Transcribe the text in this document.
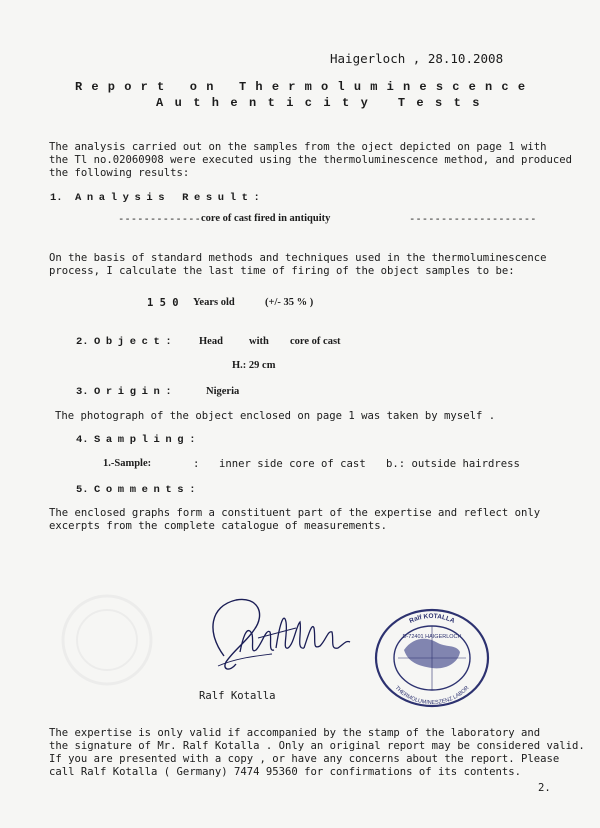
Haigerloch , 28.10.2008
Report on Thermoluminescence
Authenticity Tests
The analysis carried out on the samples from the oject depicted on page 1 with
the Tl no.02060908 were executed using the thermoluminescence method, and produced
the following results:
1. Analysis Result:
------------- core of cast fired in antiquity	--------------------
On the basis of standard methods and techniques used in the thermoluminescence
process, I calculate the last time of firing of the object samples to be:
1 5 0 Years old	(+/- 35 % )
2. Object: Head with core of cast
H.: 29 cm
3. Origin:	Nigeria
The photograph of the object enclosed on page 1 was taken by myself .
4. Sampling:
1.-Sample:	: inner side core of cast b.: outside hairdress
5. Comments:
The enclosed graphs form a constituent part of the expertise and reflect only
excerpts from the complete catalogue of measurements.
Ralf Kotalla
Ralf KOTALLA
D-72401 HAIGERLOCH
THERMOLUMINESZENZ LABOR
The expertise is only valid if accompanied by the stamp of the laboratory and
the signature of Mr. Ralf Kotalla . Only an original report may be considered valid.
If you are presented with a copy , or have any concerns about the report. Please
call Ralf Kotalla ( Germany) 7474 95360 for confirmations of its contents.
2.
